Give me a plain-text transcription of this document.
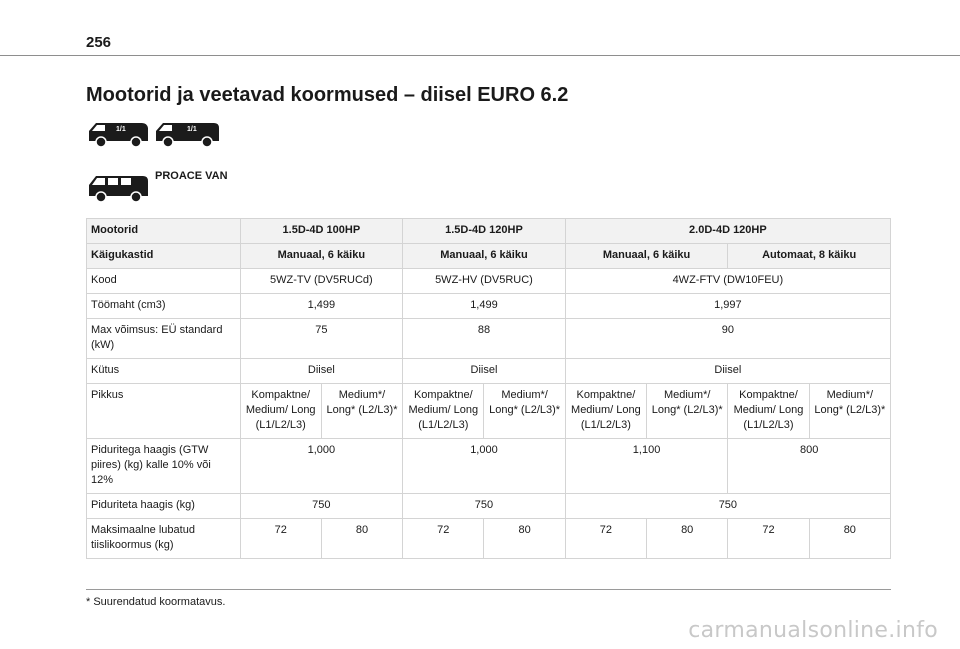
256
Mootorid ja veetavad koormused – diisel EURO 6.2
1/1	1/1
PROACE VAN
Mootorid	1.5D-4D 100HP		1.5D-4D 120HP		2.0D-4D 120HP			
Käigukastid	Manuaal, 6 käiku		Manuaal, 6 käiku		Manuaal, 6 käiku		Automaat, 8 käiku	
Kood	5WZ-TV (DV5RUCd)		5WZ-HV (DV5RUC)		4WZ-FTV (DW10FEU)			
Töömaht (cm3)	1,499		1,499		1,997			
Max võimsus: EÜ standard (kW)	75		88		90			
Kütus	Diisel		Diisel		Diisel			
Pikkus	Kompaktne/ Medium/ Long (L1/L2/L3)	Medium*/ Long* (L2/L3)*	Kompaktne/ Medium/ Long (L1/L2/L3)	Medium*/ Long* (L2/L3)*	Kompaktne/ Medium/ Long (L1/L2/L3)	Medium*/ Long* (L2/L3)*	Kompaktne/ Medium/ Long (L1/L2/L3)	Medium*/ Long* (L2/L3)*
Piduritega haagis (GTW piires) (kg) kalle 10% või 12%	1,000		1,000		1,100		800	
Piduriteta haagis (kg)	750		750		750			
Maksimaalne lubatud tiislikoormus (kg)	72	80	72	80	72	80	72	80
* Suurendatud koormatavus.
carmanualsonline.info
